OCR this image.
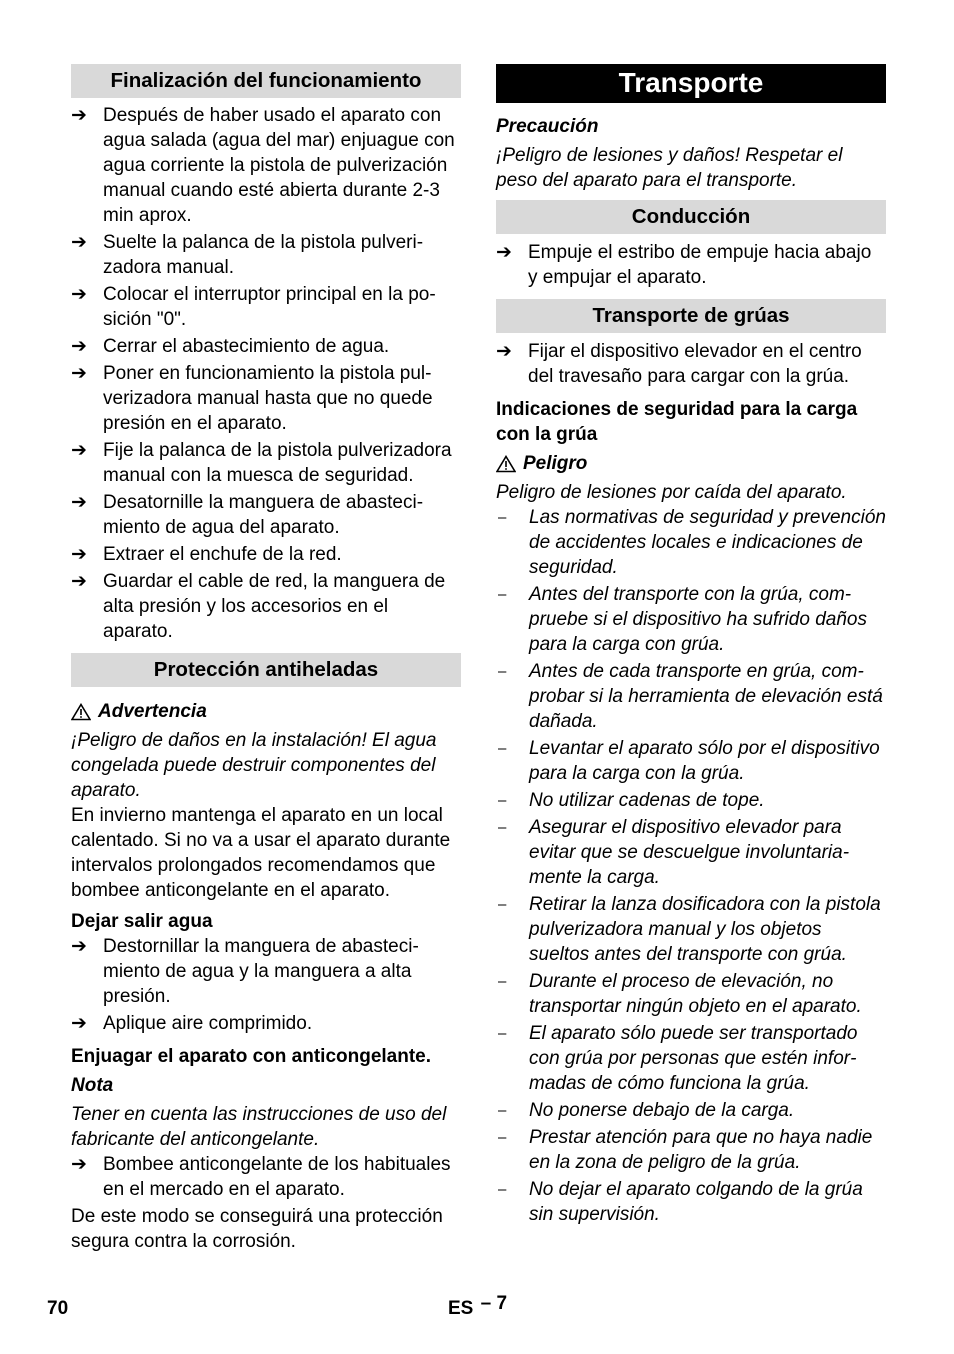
Finalización del funcionamiento
➔ Después de haber usado el aparato con agua salada (agua del mar) enjuague con agua corriente la pistola de pulverización manual cuando esté abierta durante 2-3 min aprox.
➔ Suelte la palanca de la pistola pulverizadora manual.
➔ Colocar el interruptor principal en la posición "0".
➔ Cerrar el abastecimiento de agua.
➔ Poner en funcionamiento la pistola pulverizadora manual hasta que no quede presión en el aparato.
➔ Fije la palanca de la pistola pulverizadora manual con la muesca de seguridad.
➔ Desatornille la manguera de abastecimiento de agua del aparato.
➔ Extraer el enchufe de la red.
➔ Guardar el cable de red, la manguera de alta presión y los accesorios en el aparato.
Protección antiheladas
Advertencia

¡Peligro de daños en la instalación! El agua congelada puede destruir componentes del aparato.

En invierno mantenga el aparato en un local calentado. Si no va a usar el aparato durante intervalos prolongados recomendamos que bombee anticongelante en el aparato.

Dejar salir agua

➔ Destornillar la manguera de abastecimiento de agua y la manguera a alta presión.
➔ Aplique aire comprimido.

Enjuagar el aparato con anticongelante.

Nota

Tener en cuenta las instrucciones de uso del fabricante del anticongelante.

➔ Bombee anticongelante de los habituales en el mercado en el aparato.

De este modo se conseguirá una protección segura contra la corrosión.

Transporte

Precaución

¡Peligro de lesiones y daños! Respetar el peso del aparato para el transporte.

Conducción
➔ Empuje el estribo de empuje hacia abajo y empujar el aparato.
Transporte de grúas
➔ Fijar el dispositivo elevador en el centro del travesaño para cargar con la grúa.

Indicaciones de seguridad para la carga con la grúa

Peligro

Peligro de lesiones por caída del aparato.

– Las normativas de seguridad y prevención de accidentes locales e indicaciones de seguridad.
– Antes del transporte con la grúa, compruebe si el dispositivo ha sufrido daños para la carga con grúa.
– Antes de cada transporte en grúa, comprobar si la herramienta de elevación está dañada.
– Levantar el aparato sólo por el dispositivo para la carga con la grúa.
– No utilizar cadenas de tope.
– Asegurar el dispositivo elevador para evitar que se descuelgue involuntariamente la carga.
– Retirar la lanza dosificadora con la pistola pulverizadora manual y los objetos sueltos antes del transporte con grúa.
– Durante el proceso de elevación, no transportar ningún objeto en el aparato.
– El aparato sólo puede ser transportado con grúa por personas que estén informadas de cómo funciona la grúa.
– No ponerse debajo de la carga.
– Prestar atención para que no haya nadie en la zona de peligro de la grúa.
– No dejar el aparato colgando de la grúa sin supervisión.
70	ES – 7
